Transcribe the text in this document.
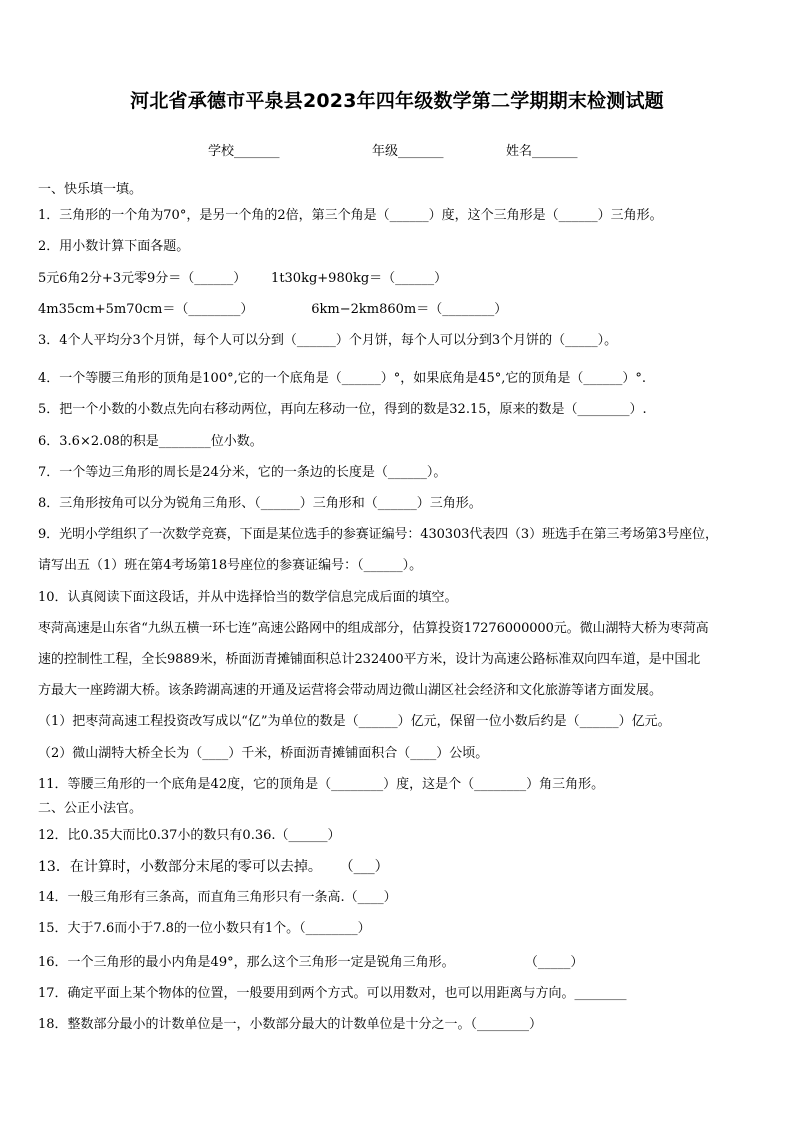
河北省承德市平泉县2023年四年级数学第二学期期末检测试题
学校_______	年级_______	姓名_______
一、快乐填一填。
1．三角形的一个角为70°，是另一个角的2倍，第三个角是（______）度，这个三角形是（______）三角形。
2．用小数计算下面各题。
5元6角2分+3元零9分＝（______）      1t30kg+980kg＝（______）
4m35cm+5m70cm＝（________）              6km−2km860m＝（________）
3．4个人平均分3个月饼，每个人可以分到（______）个月饼，每个人可以分到3个月饼的（_____）。
4．一个等腰三角形的顶角是100°,它的一个底角是（______）°，如果底角是45°,它的顶角是（______）°.
5．把一个小数的小数点先向右移动两位，再向左移动一位，得到的数是32.15，原来的数是（________）.
6．3.6×2.08的积是________位小数。
7．一个等边三角形的周长是24分米，它的一条边的长度是（______）。
8．三角形按角可以分为锐角三角形、（______）三角形和（______）三角形。
9．光明小学组织了一次数学竞赛，下面是某位选手的参赛证编号：430303代表四（3）班选手在第三考场第3号座位，
请写出五（1）班在第4考场第18号座位的参赛证编号：（______）。
10．认真阅读下面这段话，并从中选择恰当的数学信息完成后面的填空。
枣菏高速是山东省“九纵五横一环七连”高速公路网中的组成部分，估算投资17276000000元。微山湖特大桥为枣菏高
速的控制性工程，全长9889米，桥面沥青摊铺面积总计232400平方米，设计为高速公路标准双向四车道，是中国北
方最大一座跨湖大桥。该条跨湖高速的开通及运营将会带动周边微山湖区社会经济和文化旅游等诸方面发展。
（1）把枣菏高速工程投资改写成以“亿”为单位的数是（______）亿元，保留一位小数后约是（______）亿元。
（2）微山湖特大桥全长为（____）千米，桥面沥青摊铺面积合（____）公顷。
11．等腰三角形的一个底角是42度，它的顶角是（________）度，这是个（________）角三角形。
二、公正小法官。
12．比0.35大而比0.37小的数只有0.36.（______）
13．在计算时，小数部分末尾的零可以去掉。    （___）
14．一般三角形有三条高，而直角三角形只有一条高.（____）
15．大于7.6而小于7.8的一位小数只有1个。（________）
16．一个三角形的最小内角是49°，那么这个三角形一定是锐角三角形。                 （_____）
17．确定平面上某个物体的位置，一般要用到两个方式。可以用数对，也可以用距离与方向。________
18．整数部分最小的计数单位是一，小数部分最大的计数单位是十分之一。（________）
